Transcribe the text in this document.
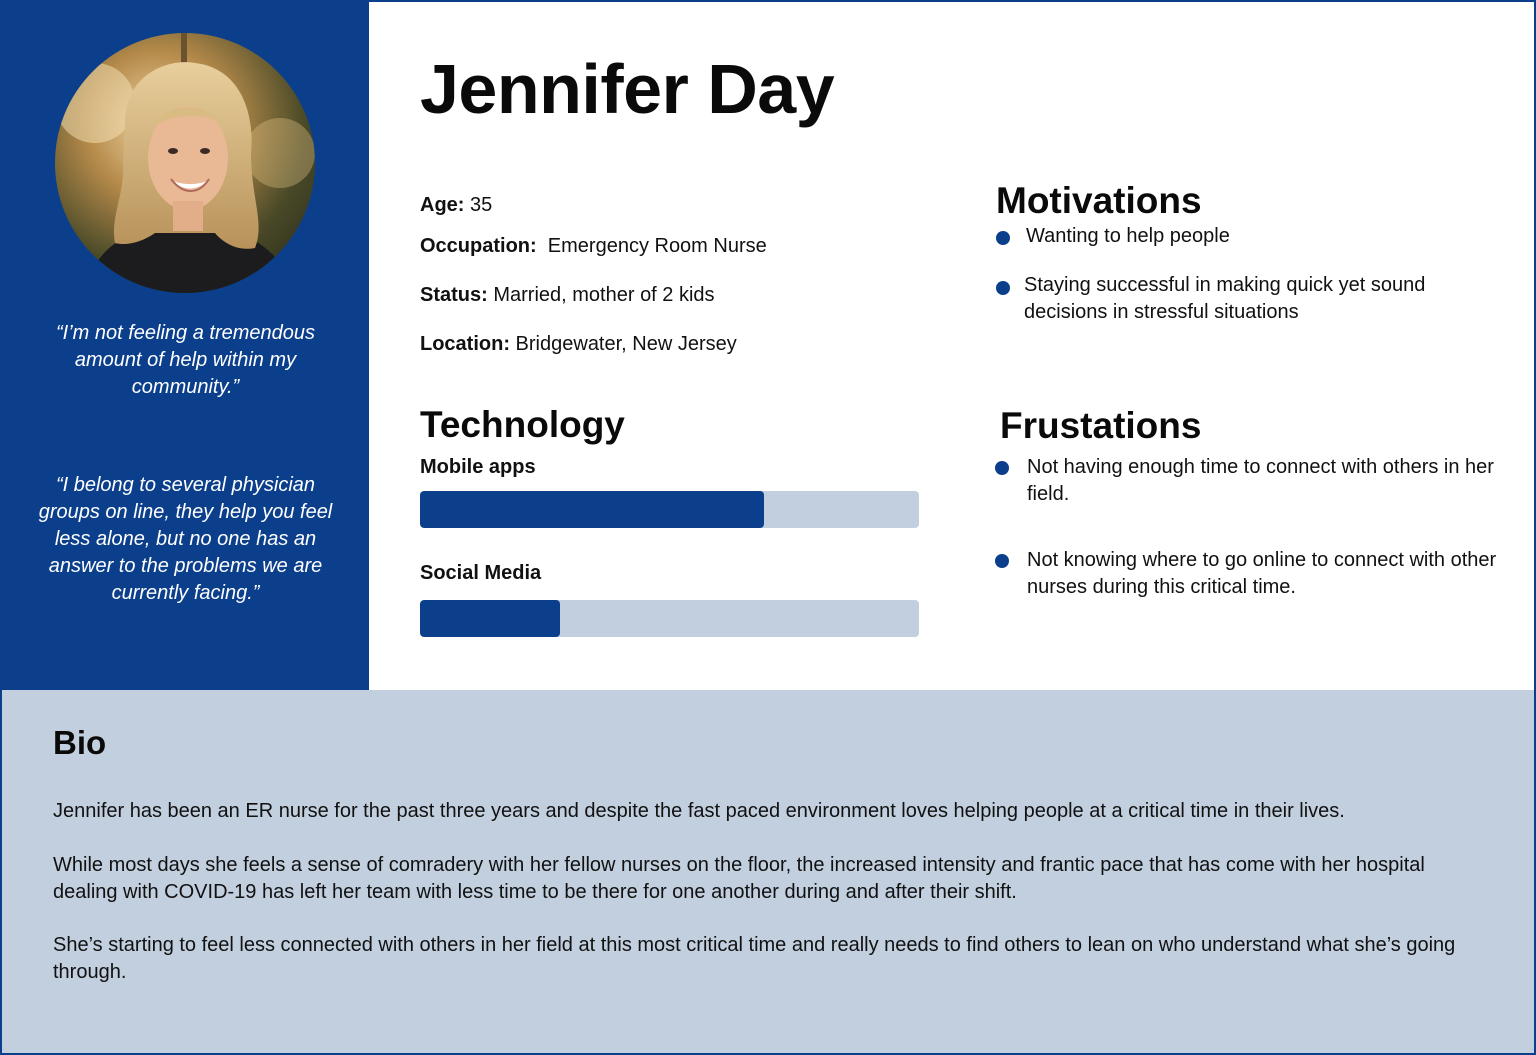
“I’m not feeling a tremendous amount of help within my community.”

“I belong to several physician groups on line, they help you feel less alone, but no one has an answer to the problems we are currently facing.”

Jennifer Day
Age: 35
Occupation:  Emergency Room Nurse
Status: Married, mother of 2 kids
Location: Bridgewater, New Jersey
Technology
Mobile apps
Social Media
Motivations
Wanting to help people
Staying successful in making quick yet sound decisions in stressful situations
Frustations
Not having enough time to connect with others in her field.
Not knowing where to go online to connect with other nurses during this critical time.
Bio

Jennifer has been an ER nurse for the past three years and despite the fast paced environment loves helping people at a critical time in their lives.

While most days she feels a sense of comradery with her fellow nurses on the floor, the increased intensity and frantic pace that has come with her hospital dealing with COVID-19 has left her team with less time to be there for one another during and after their shift.

She’s starting to feel less connected with others in her field at this most critical time and really needs to find others to lean on who understand what she’s going through.
